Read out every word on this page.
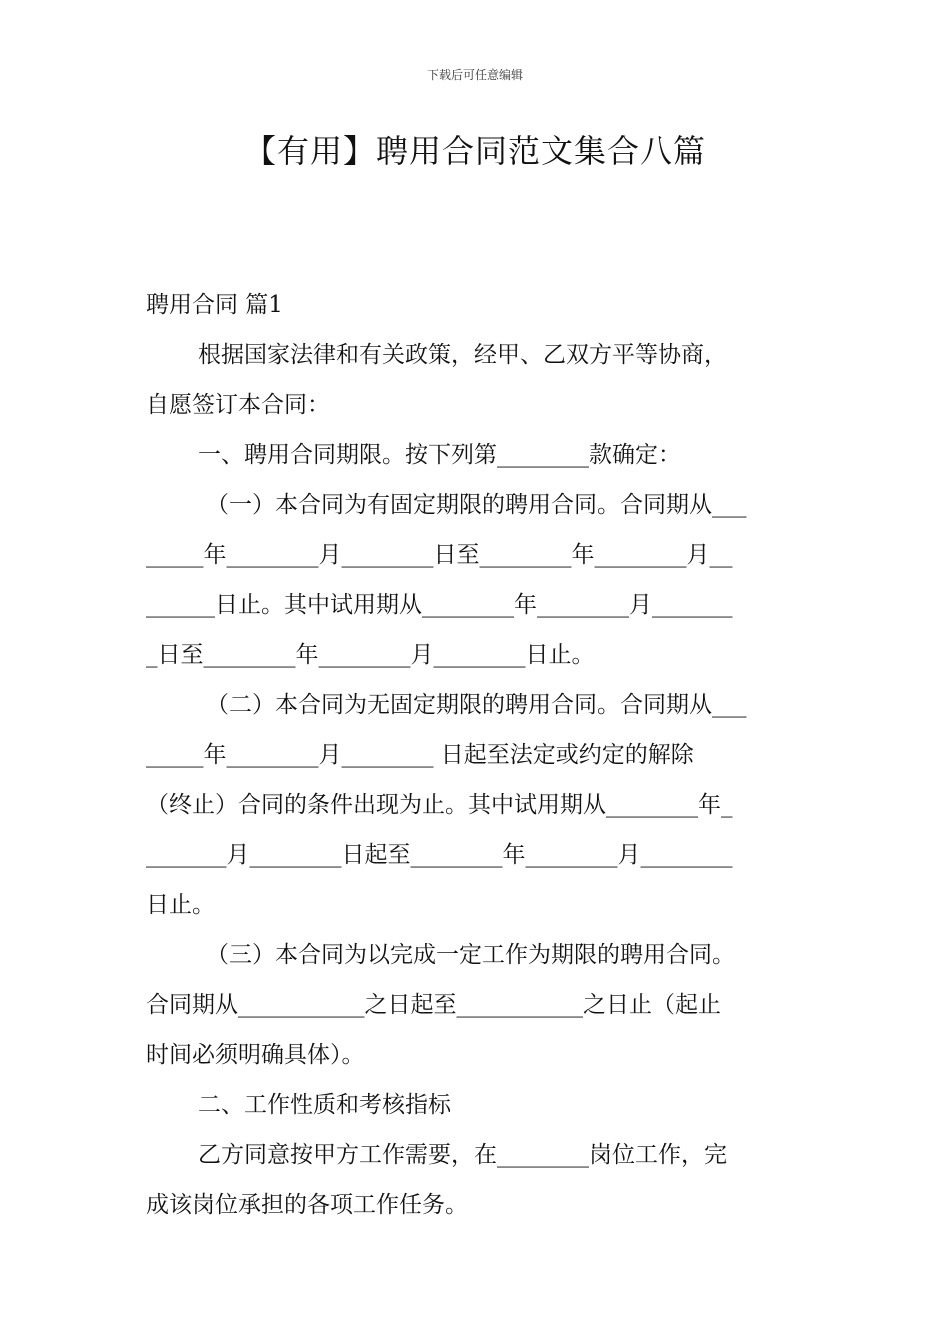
下载后可任意编辑
【有用】聘用合同范文集合八篇
聘用合同 篇1
根据国家法律和有关政策，经甲、乙双方平等协商，
自愿签订本合同：
一、聘用合同期限。按下列第________款确定：
（一）本合同为有固定期限的聘用合同。合同期从___
_____年________月________日至________年________月__
______日止。其中试用期从________年________月_______
_日至________年________月________日止。
（二）本合同为无固定期限的聘用合同。合同期从___
_____年________月________ 日起至法定或约定的解除
（终止）合同的条件出现为止。其中试用期从________年_
_______月________日起至________年________月________
日止。
（三）本合同为以完成一定工作为期限的聘用合同。
合同期从___________之日起至___________之日止（起止
时间必须明确具体）。
二、工作性质和考核指标
乙方同意按甲方工作需要，在________岗位工作，完
成该岗位承担的各项工作任务。
